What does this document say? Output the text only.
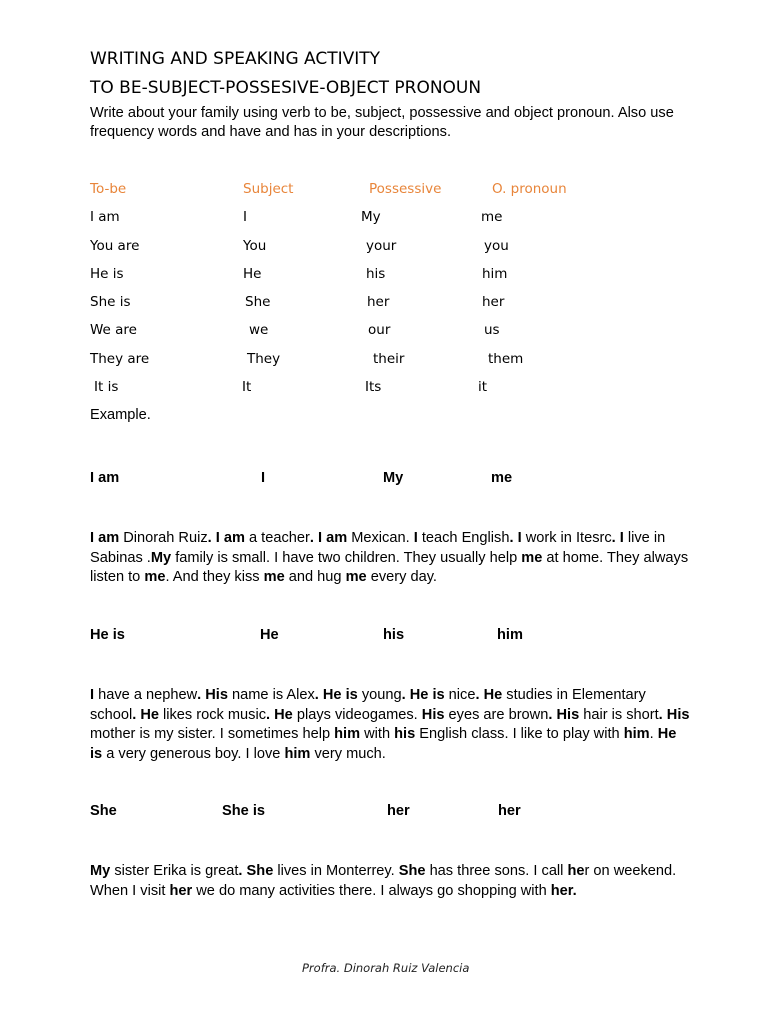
WRITING AND SPEAKING ACTIVITY
TO BE-SUBJECT-POSSESIVE-OBJECT PRONOUN
Write about your family using verb to be, subject, possessive and object pronoun. Also use frequency words and have and has in your descriptions.
To-be	Subject	Possessive	O. pronoun
I am	I	My	me
You are	You	your	you
He is	He	his	him
She is	She	her	her
We are	we	our	us
They are	They	their	them
It is	It	Its	it
Example.
I am	I	My	me
I am Dinorah Ruiz. I am a teacher. I am Mexican. I teach English. I work in Itesrc. I live in Sabinas .My family is small. I have two children. They usually help me at home. They always listen to me. And they kiss me and hug me every day.
He is	He	his	him
I have a nephew. His name is Alex. He is young. He is nice. He studies in Elementary school. He likes rock music. He plays videogames. His eyes are brown. His hair is short. His mother is my sister. I sometimes help him with his English class. I like to play with him. He is a very generous boy. I love him very much.
She	She is	her	her
My sister Erika is great. She lives in Monterrey. She has three sons. I call her on weekend. When I visit her we do many activities there. I always go shopping with her.
Profra. Dinorah Ruiz Valencia
